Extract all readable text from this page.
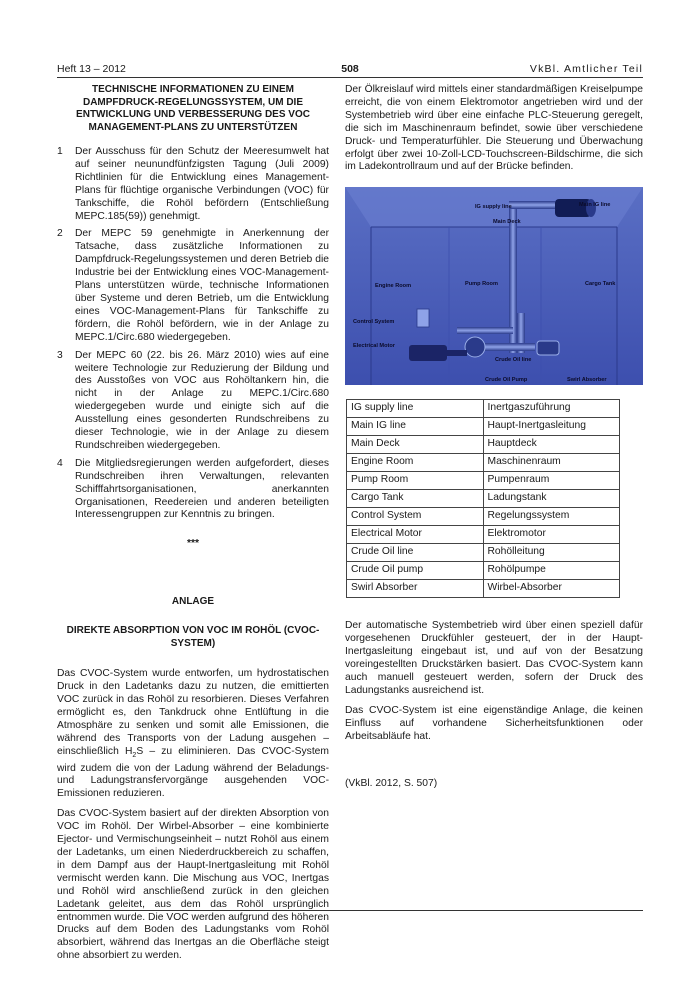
Heft 13 – 2012	508	VkBl. Amtlicher Teil
TECHNISCHE INFORMATIONEN ZU EINEM DAMPFDRUCK-REGELUNGSSYSTEM, UM DIE ENTWICKLUNG UND VERBESSERUNG DES VOC MANAGEMENT-PLANS ZU UNTERSTÜTZEN
1	Der Ausschuss für den Schutz der Meeresumwelt hat auf seiner neunundfünfzigsten Tagung (Juli 2009) Richtlinien für die Entwicklung eines Management-Plans für flüchtige organische Verbindungen (VOC) für Tankschiffe, die Rohöl befördern (Entschließung MEPC.185(59)) genehmigt.
2	Der MEPC 59 genehmigte in Anerkennung der Tatsache, dass zusätzliche Informationen zu Dampfdruck-Regelungssystemen und deren Betrieb die Industrie bei der Entwicklung eines VOC-Management-Plans unterstützen würde, technische Informationen über Systeme und deren Betrieb, um die Entwicklung eines VOC-Management-Plans für Tankschiffe zu fördern, die Rohöl befördern, wie in der Anlage zu MEPC.1/Circ.680 wiedergegeben.
3	Der MEPC 60 (22. bis 26. März 2010) wies auf eine weitere Technologie zur Reduzierung der Bildung und des Ausstoßes von VOC aus Rohöltankern hin, die nicht in der Anlage zu MEPC.1/Circ.680 wiedergegeben wurde und einigte sich auf die Ausstellung eines gesonderten Rundschreibens zu dieser Technologie, wie in der Anlage zu diesem Rundschreiben wiedergegeben.
4	Die Mitgliedsregierungen werden aufgefordert, dieses Rundschreiben ihren Verwaltungen, relevanten Schifffahrtsorganisationen, anerkannten Organisationen, Reedereien und anderen beteiligten Interessengruppen zur Kenntnis zu bringen.
***
ANLAGE
DIREKTE ABSORPTION VON VOC IM ROHÖL (CVOC-SYSTEM)

Das CVOC-System wurde entworfen, um hydrostatischen Druck in den Ladetanks dazu zu nutzen, die emittierten VOC zurück in das Rohöl zu resorbieren. Dieses Verfahren ermöglicht es, den Tankdruck ohne Entlüftung in die Atmosphäre zu senken und somit alle Emissionen, die während des Transports von der Ladung ausgehen – einschließlich $H_2S$ – zu eliminieren. Das CVOC-System wird zudem die von der Ladung während der Beladungs- und Ladungstransfervorgänge ausgehenden VOC-Emissionen reduzieren.

Das CVOC-System basiert auf der direkten Absorption von VOC im Rohöl. Der Wirbel-Absorber – eine kombinierte Ejector- und Vermischungseinheit – nutzt Rohöl aus einem der Ladetanks, um einen Niederdruckbereich zu schaffen, in dem Dampf aus der Haupt-Inertgasleitung mit Rohöl vermischt werden kann. Die Mischung aus VOC, Inertgas und Rohöl wird anschließend zurück in den gleichen Ladetank geleitet, aus dem das Rohöl ursprünglich entnommen wurde. Die VOC werden aufgrund des höheren Drucks auf dem Boden des Ladungstanks vom Rohöl absorbiert, während das Inertgas an die Oberfläche steigt ohne absorbiert zu werden.

Der Ölkreislauf wird mittels einer standardmäßigen Kreiselpumpe erreicht, die von einem Elektromotor angetrieben wird und der Systembetrieb wird über eine einfache PLC-Steuerung geregelt, die sich im Maschinenraum befindet, sowie über verschiedene Druck- und Temperaturfühler. Die Steuerung und Überwachung erfolgt über zwei 10-Zoll-LCD-Touchscreen-Bildschirme, die sich im Ladekontrollraum und auf der Brücke befinden.

IG supply line	Main IG line
Main Deck
Engine Room	Pump Room	Cargo Tank
Control System
Electrical Motor
Crude Oil line
Crude Oil Pump	Swirl Absorber
IG supply line	Inertgaszuführung
Main IG line	Haupt-Inertgasleitung
Main Deck	Hauptdeck
Engine Room	Maschinenraum
Pump Room	Pumpenraum
Cargo Tank	Ladungstank
Control System	Regelungssystem
Electrical Motor	Elektromotor
Crude Oil line	Rohölleitung
Crude Oil pump	Rohölpumpe
Swirl Absorber	Wirbel-Absorber

Der automatische Systembetrieb wird über einen speziell dafür vorgesehenen Druckfühler gesteuert, der in der Haupt-Inertgasleitung eingebaut ist, und auf von der Besatzung voreingestellten Druckstärken basiert. Das CVOC-System kann auch manuell gesteuert werden, sofern der Druck des Ladungstanks ausreichend ist.

Das CVOC-System ist eine eigenständige Anlage, die keinen Einfluss auf vorhandene Sicherheitsfunktionen oder Arbeitsabläufe hat.

(VkBl. 2012, S. 507)
